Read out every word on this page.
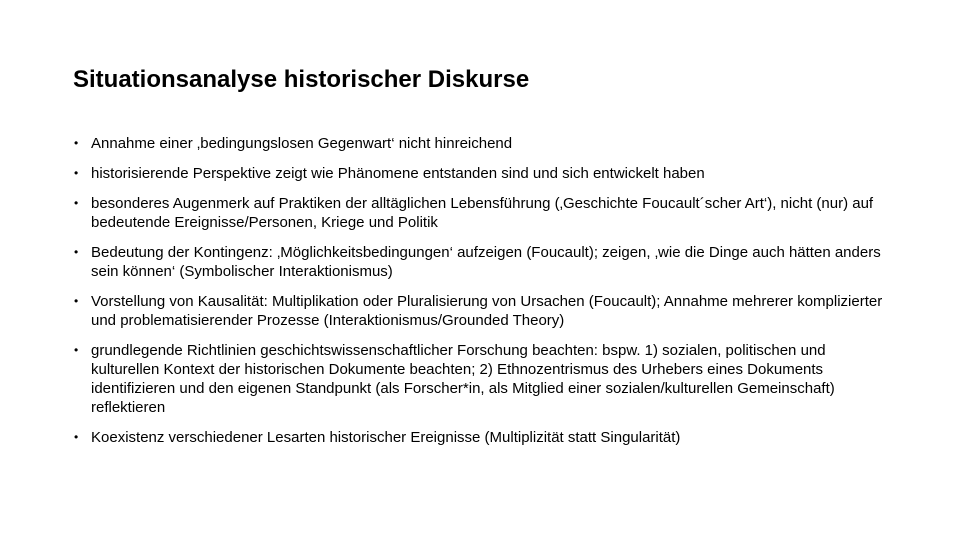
Situationsanalyse historischer Diskurse
• Annahme einer ‚bedingungslosen Gegenwart‘ nicht hinreichend
• historisierende Perspektive zeigt wie Phänomene entstanden sind und sich entwickelt haben
• besonderes Augenmerk auf Praktiken der alltäglichen Lebensführung (‚Geschichte Foucault´scher Art‘), nicht (nur) auf bedeutende Ereignisse/Personen, Kriege und Politik
• Bedeutung der Kontingenz: ‚Möglichkeitsbedingungen‘ aufzeigen (Foucault); zeigen, ‚wie die Dinge auch hätten anders sein können‘ (Symbolischer Interaktionismus)
• Vorstellung von Kausalität: Multiplikation oder Pluralisierung von Ursachen (Foucault); Annahme mehrerer komplizierter und problematisierender Prozesse (Interaktionismus/Grounded Theory)
• grundlegende Richtlinien geschichtswissenschaftlicher Forschung beachten: bspw. 1) sozialen, politischen und kulturellen Kontext der historischen Dokumente beachten; 2) Ethnozentrismus des Urhebers eines Dokuments identifizieren und den eigenen Standpunkt (als Forscher*in, als Mitglied einer sozialen/kulturellen Gemeinschaft) reflektieren
• Koexistenz verschiedener Lesarten historischer Ereignisse (Multiplizität statt Singularität)
